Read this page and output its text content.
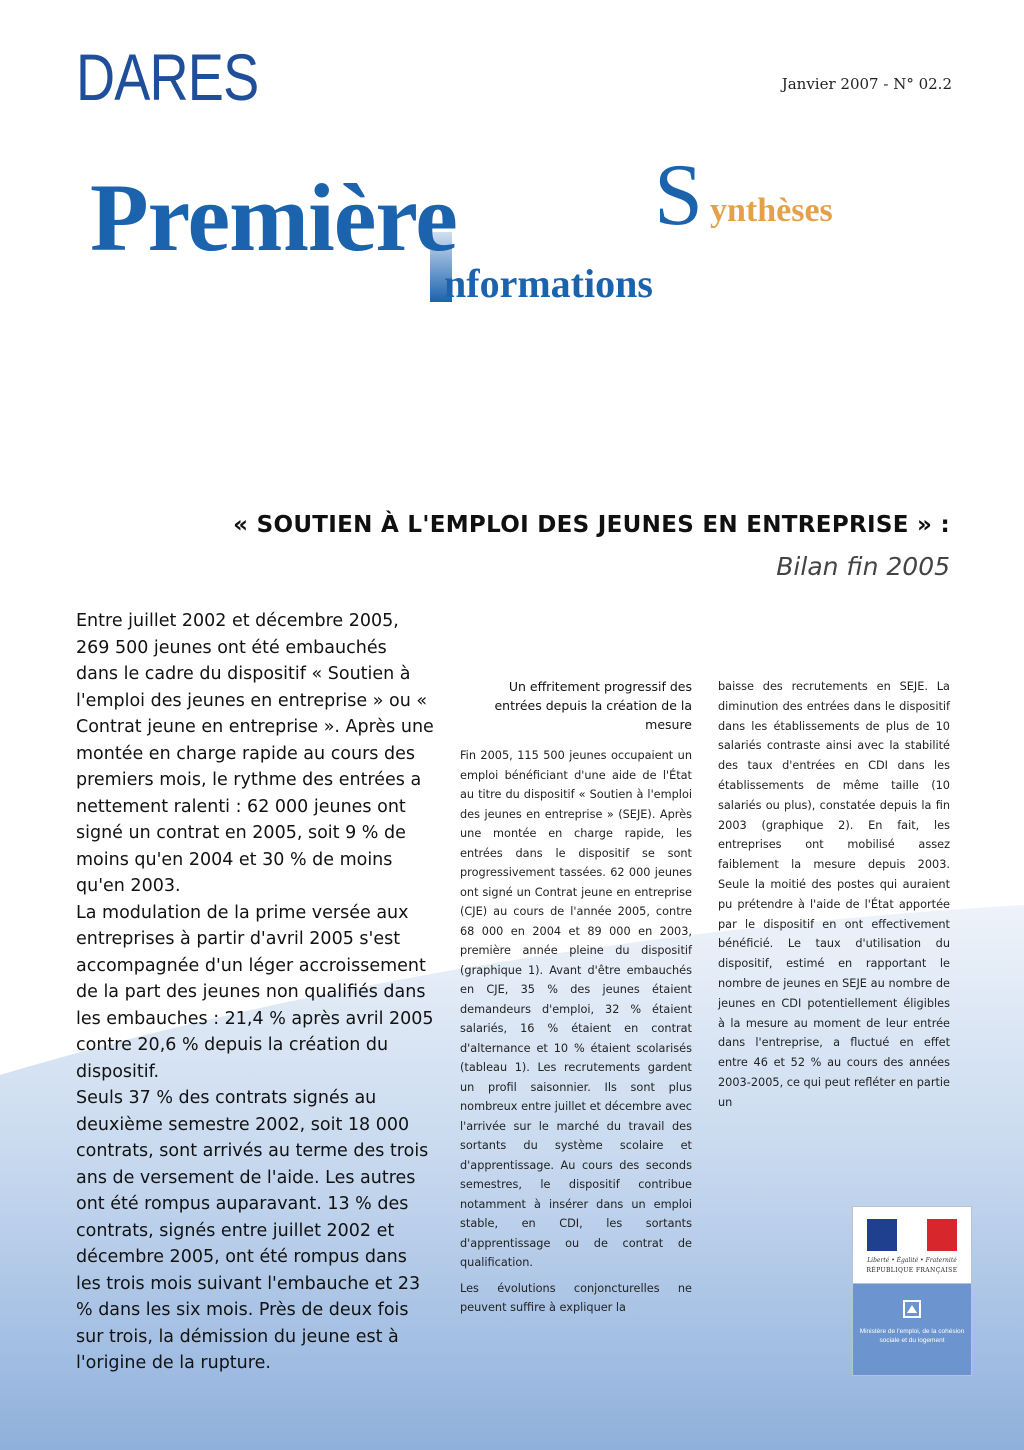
DARES	Janvier 2007 - N° 02.2
Première S ynthèses
nformations
« SOUTIEN À L'EMPLOI DES JEUNES EN ENTREPRISE » :
Bilan fin 2005

Entre juillet 2002 et décembre 2005, 269 500 jeunes ont été embauchés dans le cadre du dispositif « Soutien à l'emploi des jeunes en entreprise » ou « Contrat jeune en entreprise ». Après une montée en charge rapide au cours des premiers mois, le rythme des entrées a nettement ralenti : 62 000 jeunes ont signé un contrat en 2005, soit 9 % de moins qu'en 2004 et 30 % de moins qu'en 2003.

La modulation de la prime versée aux entreprises à partir d'avril 2005 s'est accompagnée d'un léger accroissement de la part des jeunes non qualifiés dans les embauches : 21,4 % après avril 2005 contre 20,6 % depuis la création du dispositif.

Seuls 37 % des contrats signés au deuxième semestre 2002, soit 18 000 contrats, sont arrivés au terme des trois ans de versement de l'aide. Les autres ont été rompus auparavant. 13 % des contrats, signés entre juillet 2002 et décembre 2005, ont été rompus dans les trois mois suivant l'embauche et 23 % dans les six mois. Près de deux fois sur trois, la démission du jeune est à l'origine de la rupture.

Un effritement progressif des entrées depuis la création de la mesure

Fin 2005, 115 500 jeunes occupaient un emploi bénéficiant d'une aide de l'État au titre du dispositif « Soutien à l'emploi des jeunes en entreprise » (SEJE). Après une montée en charge rapide, les entrées dans le dispositif se sont progressivement tassées. 62 000 jeunes ont signé un Contrat jeune en entreprise (CJE) au cours de l'année 2005, contre 68 000 en 2004 et 89 000 en 2003, première année pleine du dispositif (graphique 1). Avant d'être embauchés en CJE, 35 % des jeunes étaient demandeurs d'emploi, 32 % étaient salariés, 16 % étaient en contrat d'alternance et 10 % étaient scolarisés (tableau 1). Les recrutements gardent un profil saisonnier. Ils sont plus nombreux entre juillet et décembre avec l'arrivée sur le marché du travail des sortants du système scolaire et d'apprentissage. Au cours des seconds semestres, le dispositif contribue notamment à insérer dans un emploi stable, en CDI, les sortants d'apprentissage ou de contrat de qualification.

Les évolutions conjoncturelles ne peuvent suffire à expliquer la

baisse des recrutements en SEJE. La diminution des entrées dans le dispositif dans les établissements de plus de 10 salariés contraste ainsi avec la stabilité des taux d'entrées en CDI dans les établissements de même taille (10 salariés ou plus), constatée depuis la fin 2003 (graphique 2). En fait, les entreprises ont mobilisé assez faiblement la mesure depuis 2003. Seule la moitié des postes qui auraient pu prétendre à l'aide de l'État apportée par le dispositif en ont effectivement bénéficié. Le taux d'utilisation du dispositif, estimé en rapportant le nombre de jeunes en SEJE au nombre de jeunes en CDI potentiellement éligibles à la mesure au moment de leur entrée dans l'entreprise, a fluctué en effet entre 46 et 52 % au cours des années 2003-2005, ce qui peut refléter en partie un

Liberté • Égalité • Fraternité
RÉPUBLIQUE FRANÇAISE
Ministère de l'emploi, de la cohésion sociale et du logement
